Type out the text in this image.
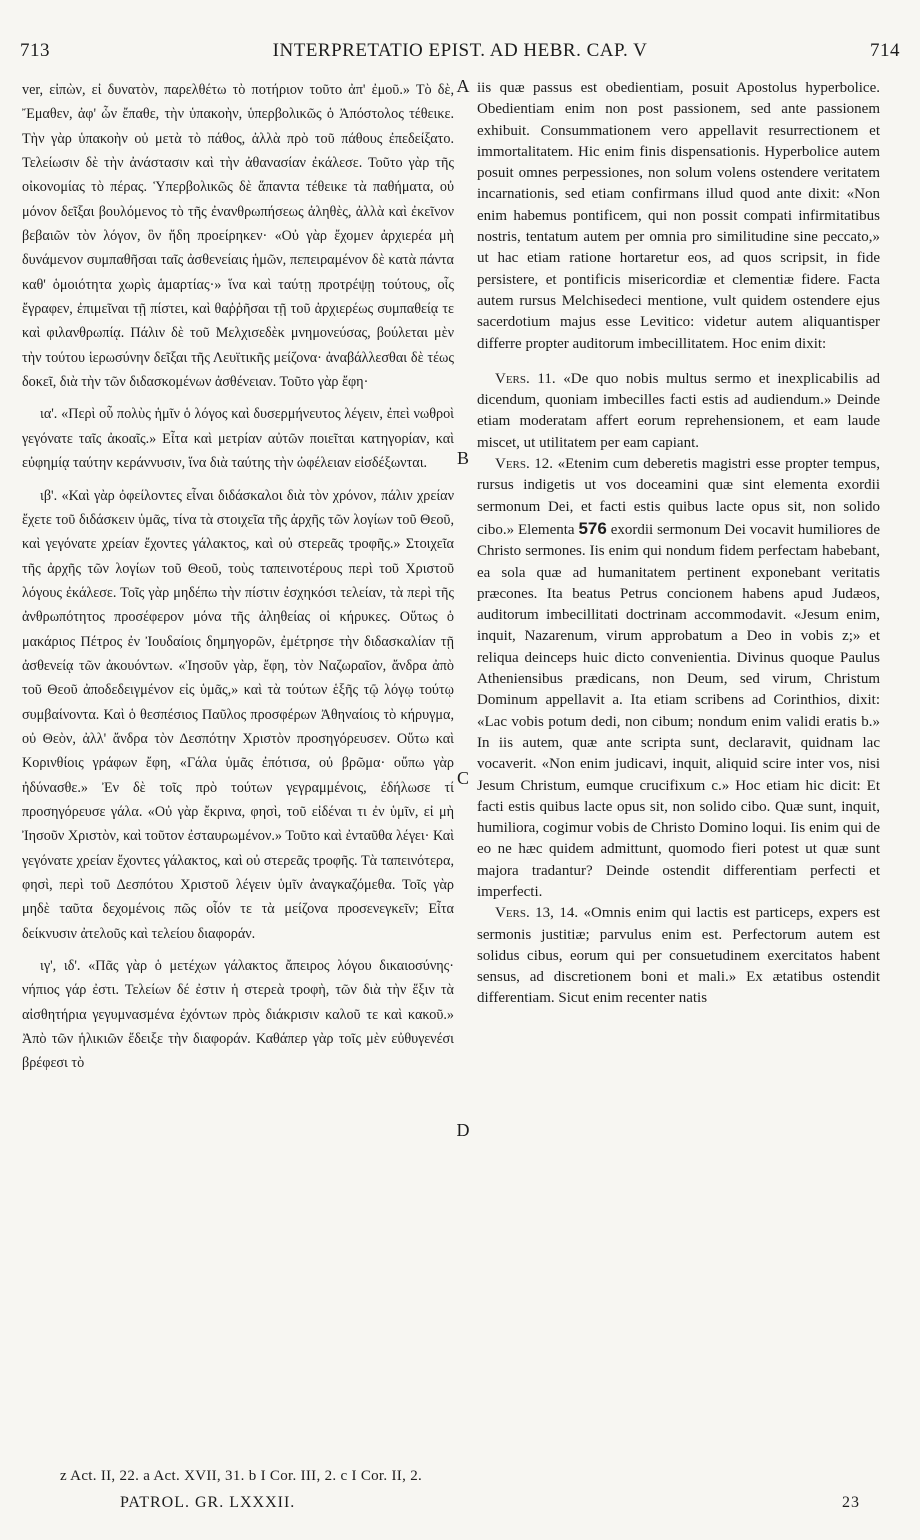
713	INTERPRETATIO EPIST. AD HEBR. CAP. V	714

ver, εἰπὼν, εἰ δυνατὸν, παρελθέτω τὸ ποτήριον τοῦτο ἀπ' ἐμοῦ.» Τὸ δὲ, Ἔμαθεν, ἀφ' ὧν ἔπαθε, τὴν ὑπακοὴν, ὑπερβολικῶς ὁ Ἀπόστολος τέθεικε. Τὴν γὰρ ὑπακοὴν οὐ μετὰ τὸ πάθος, ἀλλὰ πρὸ τοῦ πάθους ἐπεδείξατο. Τελείωσιν δὲ τὴν ἀνάστασιν καὶ τὴν ἀθανασίαν ἐκάλεσε. Τοῦτο γὰρ τῆς οἰκονομίας τὸ πέρας. Ὑπερβολικῶς δὲ ἅπαντα τέθεικε τὰ παθήματα, οὐ μόνον δεῖξαι βουλόμενος τὸ τῆς ἐνανθρωπήσεως ἀληθὲς, ἀλλὰ καὶ ἐκεῖνον βεβαιῶν τὸν λόγον, ὃν ἤδη προείρηκεν· «Οὐ γὰρ ἔχομεν ἀρχιερέα μὴ δυνάμενον συμπαθῆσαι ταῖς ἀσθενείαις ἡμῶν, πεπειραμένον δὲ κατὰ πάντα καθ' ὁμοιότητα χωρὶς ἁμαρτίας·» ἵνα καὶ ταύτῃ προτρέψῃ τούτους, οἷς ἔγραφεν, ἐπιμεῖναι τῇ πίστει, καὶ θαῤῥῆσαι τῇ τοῦ ἀρχιερέως συμπαθείᾳ τε καὶ φιλανθρωπίᾳ. Πάλιν δὲ τοῦ Μελχισεδὲκ μνημονεύσας, βούλεται μὲν τὴν τούτου ἱερωσύνην δεῖξαι τῆς Λευϊτικῆς μείζονα· ἀναβάλλεσθαι δὲ τέως δοκεῖ, διὰ τὴν τῶν διδασκομένων ἀσθένειαν. Τοῦτο γὰρ ἔφη·

ια'. «Περὶ οὗ πολὺς ἡμῖν ὁ λόγος καὶ δυσερμήνευτος λέγειν, ἐπεὶ νωθροὶ γεγόνατε ταῖς ἀκοαῖς.» Εἶτα καὶ μετρίαν αὐτῶν ποιεῖται κατηγορίαν, καὶ εὐφημίᾳ ταύτην κεράννυσιν, ἵνα διὰ ταύτης τὴν ὠφέλειαν εἰσδέξωνται.

ιβ'. «Καὶ γὰρ ὀφείλοντες εἶναι διδάσκαλοι διὰ τὸν χρόνον, πάλιν χρείαν ἔχετε τοῦ διδάσκειν ὑμᾶς, τίνα τὰ στοιχεῖα τῆς ἀρχῆς τῶν λογίων τοῦ Θεοῦ, καὶ γεγόνατε χρείαν ἔχοντες γάλακτος, καὶ οὐ στερεᾶς τροφῆς.» Στοιχεῖα τῆς ἀρχῆς τῶν λογίων τοῦ Θεοῦ, τοὺς ταπεινοτέρους περὶ τοῦ Χριστοῦ λόγους ἐκάλεσε. Τοῖς γὰρ μηδέπω τὴν πίστιν ἐσχηκόσι τελείαν, τὰ περὶ τῆς ἀνθρωπότητος προσέφερον μόνα τῆς ἀληθείας οἱ κήρυκες. Οὕτως ὁ μακάριος Πέτρος ἐν Ἰουδαίοις δημηγορῶν, ἐμέτρησε τὴν διδασκαλίαν τῇ ἀσθενείᾳ τῶν ἀκουόντων. «Ἰησοῦν γὰρ, ἔφη, τὸν Ναζωραῖον, ἄνδρα ἀπὸ τοῦ Θεοῦ ἀποδεδειγμένον εἰς ὑμᾶς,» καὶ τὰ τούτων ἑξῆς τῷ λόγῳ τούτῳ συμβαίνοντα. Καὶ ὁ θεσπέσιος Παῦλος προσφέρων Ἀθηναίοις τὸ κήρυγμα, οὐ Θεὸν, ἀλλ' ἄνδρα τὸν Δεσπότην Χριστὸν προσηγόρευσεν. Οὕτω καὶ Κορινθίοις γράφων ἔφη, «Γάλα ὑμᾶς ἐπότισα, οὐ βρῶμα· οὔπω γὰρ ἠδύνασθε.» Ἐν δὲ τοῖς πρὸ τούτων γεγραμμένοις, ἐδήλωσε τί προσηγόρευσε γάλα. «Οὐ γὰρ ἔκρινα, φησὶ, τοῦ εἰδέναι τι ἐν ὑμῖν, εἰ μὴ Ἰησοῦν Χριστὸν, καὶ τοῦτον ἐσταυρωμένον.» Τοῦτο καὶ ἐνταῦθα λέγει· Καὶ γεγόνατε χρείαν ἔχοντες γάλακτος, καὶ οὐ στερεᾶς τροφῆς. Τὰ ταπεινότερα, φησὶ, περὶ τοῦ Δεσπότου Χριστοῦ λέγειν ὑμῖν ἀναγκαζόμεθα. Τοῖς γὰρ μηδὲ ταῦτα δεχομένοις πῶς οἷόν τε τὰ μείζονα προσενεγκεῖν; Εἶτα δείκνυσιν ἀτελοῦς καὶ τελείου διαφοράν.

ιγ', ιδ'. «Πᾶς γὰρ ὁ μετέχων γάλακτος ἄπειρος λόγου δικαιοσύνης· νήπιος γάρ ἐστι. Τελείων δέ ἐστιν ἡ στερεὰ τροφὴ, τῶν διὰ τὴν ἕξιν τὰ αἰσθητήρια γεγυμνασμένα ἐχόντων πρὸς διάκρισιν καλοῦ τε καὶ κακοῦ.» Ἀπὸ τῶν ἡλικιῶν ἔδειξε τὴν διαφοράν. Καθάπερ γὰρ τοῖς μὲν εὐθυγενέσι βρέφεσι τὸ

A
B
C
D

iis quæ passus est obedientiam, posuit Apostolus hyperbolice. Obedientiam enim non post passionem, sed ante passionem exhibuit. Consummationem vero appellavit resurrectionem et immortalitatem. Hic enim finis dispensationis. Hyperbolice autem posuit omnes perpessiones, non solum volens ostendere veritatem incarnationis, sed etiam confirmans illud quod ante dixit: «Non enim habemus pontificem, qui non possit compati infirmitatibus nostris, tentatum autem per omnia pro similitudine sine peccato,» ut hac etiam ratione hortaretur eos, ad quos scripsit, in fide persistere, et pontificis misericordiæ et clementiæ fidere. Facta autem rursus Melchisedeci mentione, vult quidem ostendere ejus sacerdotium majus esse Levitico: videtur autem aliquantisper differre propter auditorum imbecillitatem. Hoc enim dixit:

Vers. 11. «De quo nobis multus sermo et inexplicabilis ad dicendum, quoniam imbecilles facti estis ad audiendum.» Deinde etiam moderatam affert eorum reprehensionem, et eam laude miscet, ut utilitatem per eam capiant.

Vers. 12. «Etenim cum deberetis magistri esse propter tempus, rursus indigetis ut vos doceamini quæ sint elementa exordii sermonum Dei, et facti estis quibus lacte opus sit, non solido cibo.» Elementa 576 exordii sermonum Dei vocavit humiliores de Christo sermones. Iis enim qui nondum fidem perfectam habebant, ea sola quæ ad humanitatem pertinent exponebant veritatis præcones. Ita beatus Petrus concionem habens apud Judæos, auditorum imbecillitati doctrinam accommodavit. «Jesum enim, inquit, Nazarenum, virum approbatum a Deo in vobis z;» et reliqua deinceps huic dicto convenientia. Divinus quoque Paulus Atheniensibus prædicans, non Deum, sed virum, Christum Dominum appellavit a. Ita etiam scribens ad Corinthios, dixit: «Lac vobis potum dedi, non cibum; nondum enim validi eratis b.» In iis autem, quæ ante scripta sunt, declaravit, quidnam lac vocaverit. «Non enim judicavi, inquit, aliquid scire inter vos, nisi Jesum Christum, eumque crucifixum c.» Hoc etiam hic dicit: Et facti estis quibus lacte opus sit, non solido cibo. Quæ sunt, inquit, humiliora, cogimur vobis de Christo Domino loqui. Iis enim qui de eo ne hæc quidem admittunt, quomodo fieri potest ut quæ sunt majora tradantur? Deinde ostendit differentiam perfecti et imperfecti.

Vers. 13, 14. «Omnis enim qui lactis est particeps, expers est sermonis justitiæ; parvulus enim est. Perfectorum autem est solidus cibus, eorum qui per consuetudinem exercitatos habent sensus, ad discretionem boni et mali.» Ex ætatibus ostendit differentiam. Sicut enim recenter natis

z Act. II, 22. a Act. XVII, 31. b I Cor. III, 2. c I Cor. II, 2.
PATROL. GR. LXXXII.	23
